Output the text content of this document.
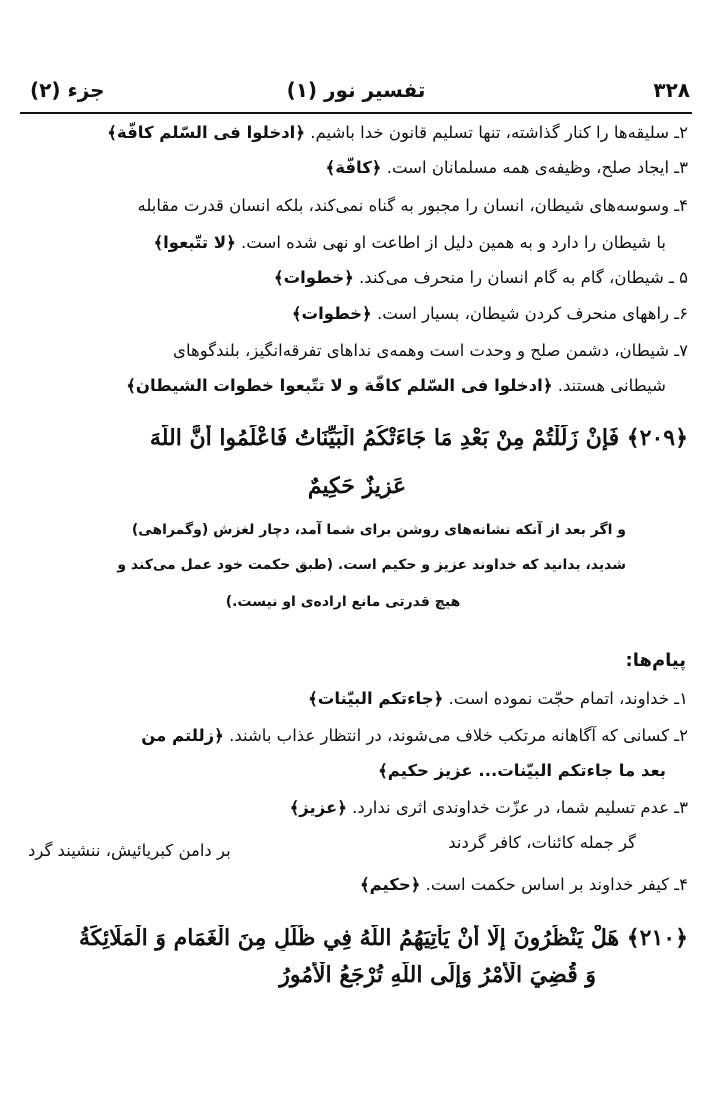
۳۲۸
تفسیر نور (۱)
جزء (۲)
۲ـ سلیقه‌ها را کنار گذاشته، تنها تسلیم قانون خدا باشیم. ﴿ادخلوا فی السّلم کافّة﴾
۳ـ ایجاد صلح، وظیفه‌ی همه مسلمانان است. ﴿کافّة﴾
۴ـ وسوسه‌های شیطان، انسان را مجبور به گناه نمی‌کند، بلکه انسان قدرت مقابله
با شیطان را دارد و به همین دلیل از اطاعت او نهی شده است. ﴿لا تتّبعوا﴾
۵ ـ شیطان، گام به گام انسان را منحرف می‌کند. ﴿خطوات﴾
۶ـ راههای منحرف کردن شیطان، بسیار است. ﴿خطوات﴾
۷ـ شیطان، دشمن صلح و وحدت است وهمه‌ی نداهای تفرقه‌انگیز، بلندگوهای
شیطانی هستند. ﴿ادخلوا فی السّلم کافّة و لا تتّبعوا خطوات الشیطان﴾
﴿۲۰۹﴾ فَإِنْ زَلَلْتُمْ مِنْ بَعْدِ مَا جَاءَتْكُمُ الْبَيِّنَاتُ فَاعْلَمُوا أَنَّ اللَّهَ
عَزِيزٌ حَكِيمٌ
و اگر بعد از آنکه نشانه‌های روشن برای شما آمد، دچار لغزش (وگمراهی)
شدید، بدانید که خداوند عزیز و حکیم است. (طبق حکمت خود عمل می‌کند و
هیچ قدرتی مانع اراده‌ی او نیست.)
پیام‌ها:
۱ـ خداوند، اتمام حجّت نموده است. ﴿جاءتکم البیّنات﴾
۲ـ کسانی که آگاهانه مرتکب خلاف می‌شوند، در انتظار عذاب باشند. ﴿زللتم من
بعد ما جاءتکم البیّنات... عزیز حکیم﴾
۳ـ عدم تسلیم شما، در عزّت خداوندی اثری ندارد. ﴿عزیز﴾
گر جمله کائنات، کافر گردند
بر دامن کبریائیش، ننشیند گرد
۴ـ کیفر خداوند بر اساس حکمت است. ﴿حکیم﴾
﴿۲۱۰﴾ هَلْ يَنْظُرُونَ إِلَّا أَنْ يَأْتِيَهُمُ اللَّهُ فِي ظُلَلٍ مِنَ الْغَمَامِ وَ الْمَلَائِكَةُ
وَ قُضِيَ الْأَمْرُ وَإِلَى اللَّهِ تُرْجَعُ الْأُمُورُ
